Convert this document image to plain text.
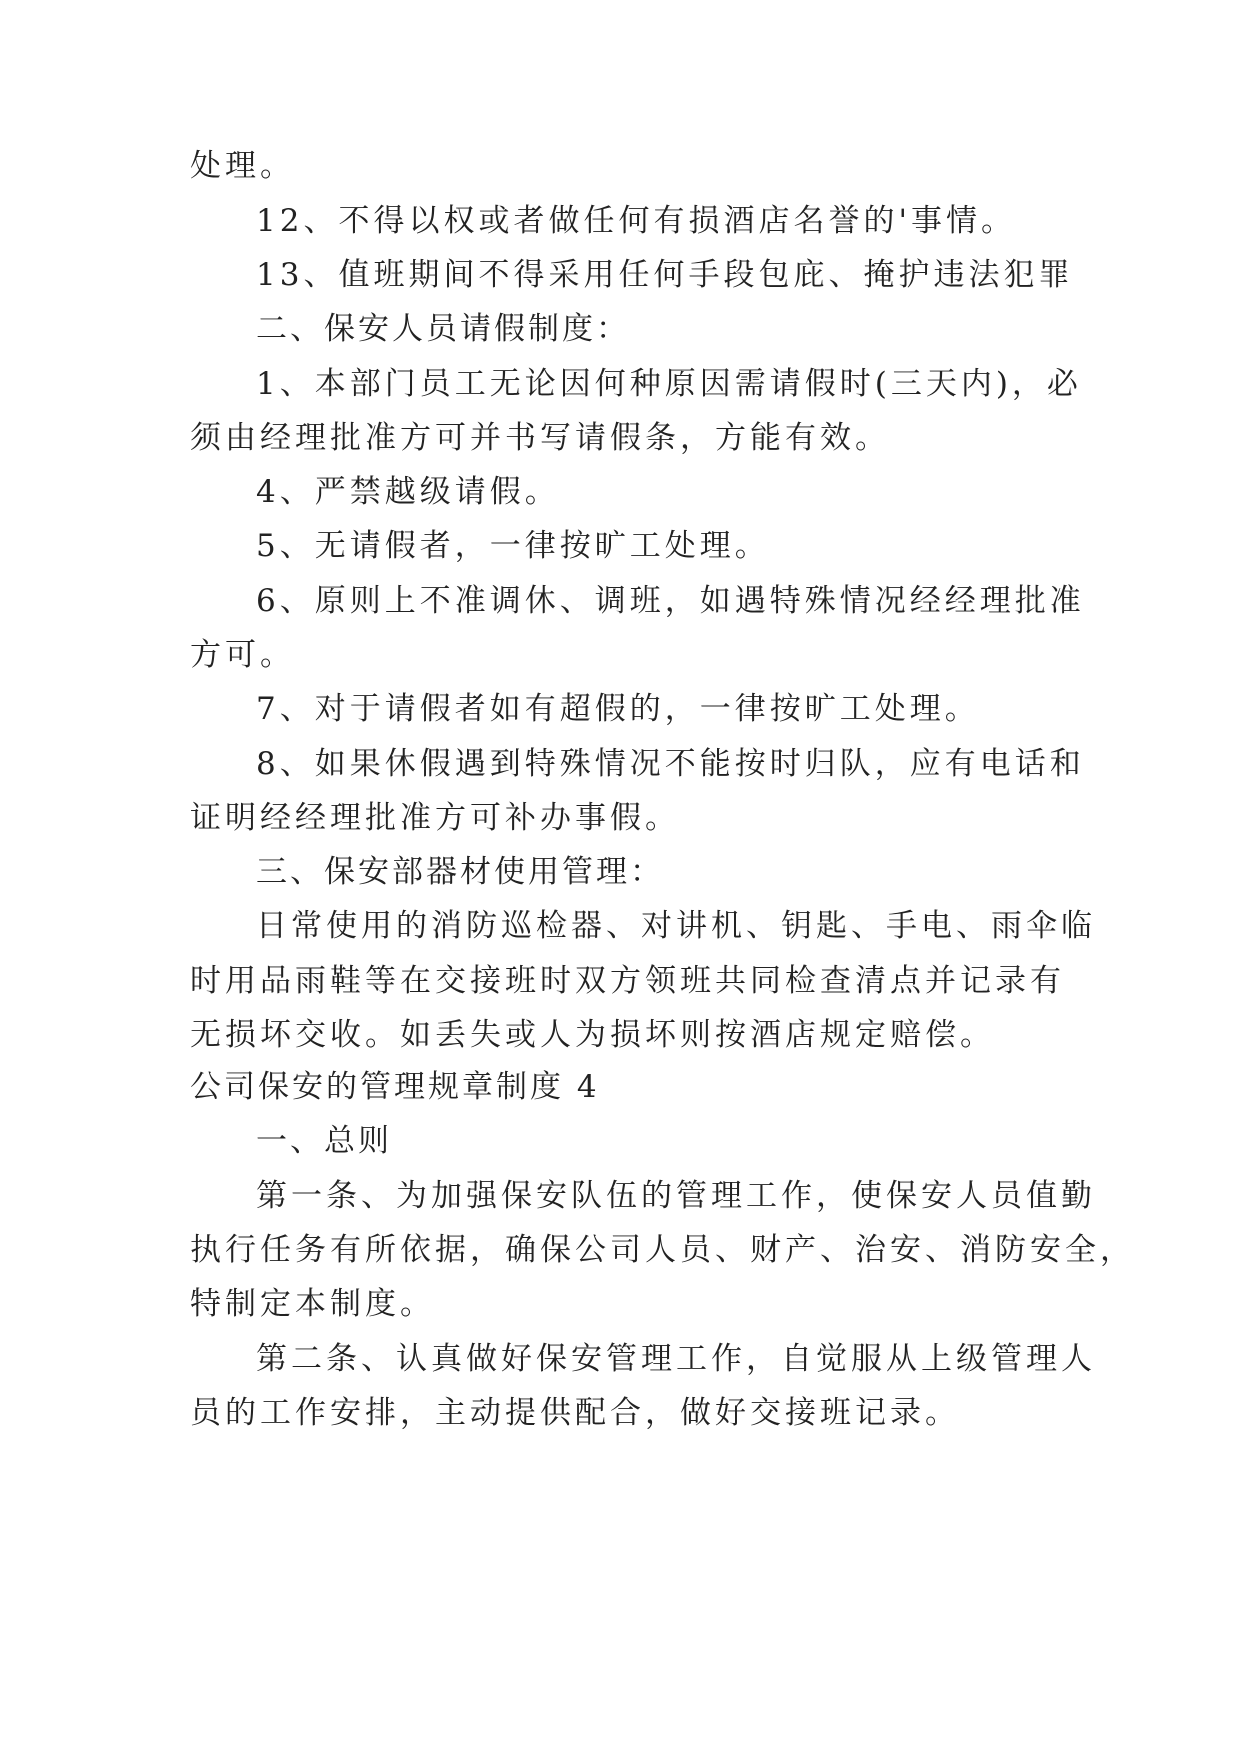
处理。
12、不得以权或者做任何有损酒店名誉的'事情。
13、值班期间不得采用任何手段包庇、掩护违法犯罪
二、保安人员请假制度：
1、本部门员工无论因何种原因需请假时(三天内)，必
须由经理批准方可并书写请假条，方能有效。
4、严禁越级请假。
5、无请假者，一律按旷工处理。
6、原则上不准调休、调班，如遇特殊情况经经理批准
方可。
7、对于请假者如有超假的，一律按旷工处理。
8、如果休假遇到特殊情况不能按时归队，应有电话和
证明经经理批准方可补办事假。
三、保安部器材使用管理：
日常使用的消防巡检器、对讲机、钥匙、手电、雨伞临
时用品雨鞋等在交接班时双方领班共同检查清点并记录有
无损坏交收。如丢失或人为损坏则按酒店规定赔偿。
公司保安的管理规章制度 4
一、总则
第一条、为加强保安队伍的管理工作，使保安人员值勤
执行任务有所依据，确保公司人员、财产、治安、消防安全，
特制定本制度。
第二条、认真做好保安管理工作，自觉服从上级管理人
员的工作安排，主动提供配合，做好交接班记录。
